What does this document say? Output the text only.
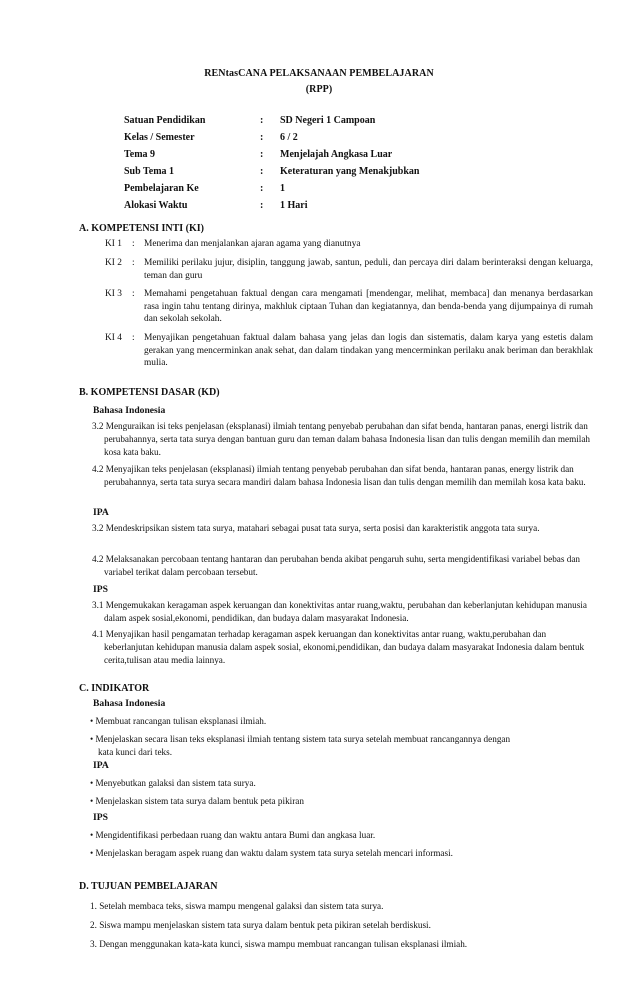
RENtasCANA PELAKSANAAN PEMBELAJARAN
(RPP)
Satuan Pendidikan	:	SD Negeri 1 Campoan
Kelas / Semester	:	6 / 2
Tema 9	:	Menjelajah Angkasa Luar
Sub Tema 1	:	Keteraturan yang Menakjubkan
Pembelajaran Ke	:	1
Alokasi Waktu	:	1 Hari
A. KOMPETENSI INTI (KI)
KI 1	: Menerima dan menjalankan ajaran agama yang dianutnya
KI 2	: Memiliki perilaku jujur, disiplin, tanggung jawab, santun, peduli, dan percaya diri dalam berinteraksi dengan keluarga, teman dan guru
KI 3	: Memahami pengetahuan faktual dengan cara mengamati [mendengar, melihat, membaca] dan menanya berdasarkan rasa ingin tahu tentang dirinya, makhluk ciptaan Tuhan dan kegiatannya, dan benda-benda yang dijumpainya di rumah dan sekolah sekolah.
KI 4	: Menyajikan pengetahuan faktual dalam bahasa yang jelas dan logis dan sistematis, dalam karya yang estetis dalam gerakan yang mencerminkan anak sehat, dan dalam tindakan yang mencerminkan perilaku anak beriman dan berakhlak mulia.
B. KOMPETENSI DASAR (KD)
Bahasa Indonesia
3.2 Menguraikan isi teks penjelasan (eksplanasi) ilmiah tentang penyebab perubahan dan sifat benda, hantaran panas, energi listrik dan perubahannya, serta tata surya dengan bantuan guru dan teman dalam bahasa Indonesia lisan dan tulis dengan memilih dan memilah kosa kata baku.
4.2 Menyajikan teks penjelasan (eksplanasi) ilmiah tentang penyebab perubahan dan sifat benda, hantaran panas, energy listrik dan perubahannya, serta tata surya secara mandiri dalam bahasa Indonesia lisan dan tulis dengan memilih dan memilah kosa kata baku.
IPA
3.2 Mendeskripsikan sistem tata surya, matahari sebagai pusat tata surya, serta posisi dan karakteristik anggota tata surya.
4.2 Melaksanakan percobaan tentang hantaran dan perubahan benda akibat pengaruh suhu, serta mengidentifikasi variabel bebas dan variabel terikat dalam percobaan tersebut.
IPS
3.1 Mengemukakan keragaman aspek keruangan dan konektivitas antar ruang,waktu, perubahan dan keberlanjutan kehidupan manusia dalam aspek sosial,ekonomi, pendidikan, dan budaya dalam masyarakat Indonesia.
4.1 Menyajikan hasil pengamatan terhadap keragaman aspek keruangan dan konektivitas antar ruang, waktu,perubahan dan keberlanjutan kehidupan manusia dalam aspek sosial, ekonomi,pendidikan, dan budaya dalam masyarakat Indonesia dalam bentuk cerita,tulisan atau media lainnya.
C. INDIKATOR
Bahasa Indonesia
• Membuat rancangan tulisan eksplanasi ilmiah.
• Menjelaskan secara lisan teks eksplanasi ilmiah tentang sistem tata surya setelah membuat rancangannya dengan
kata kunci dari teks.
IPA
• Menyebutkan galaksi dan sistem tata surya.
• Menjelaskan sistem tata surya dalam bentuk peta pikiran
IPS
• Mengidentifikasi perbedaan ruang dan waktu antara Bumi dan angkasa luar.
• Menjelaskan beragam aspek ruang dan waktu dalam system tata surya setelah mencari informasi.
D. TUJUAN PEMBELAJARAN
1. Setelah membaca teks, siswa mampu mengenal galaksi dan sistem tata surya.
2. Siswa mampu menjelaskan sistem tata surya dalam bentuk peta pikiran setelah berdiskusi.
3. Dengan menggunakan kata-kata kunci, siswa mampu membuat rancangan tulisan eksplanasi ilmiah.
